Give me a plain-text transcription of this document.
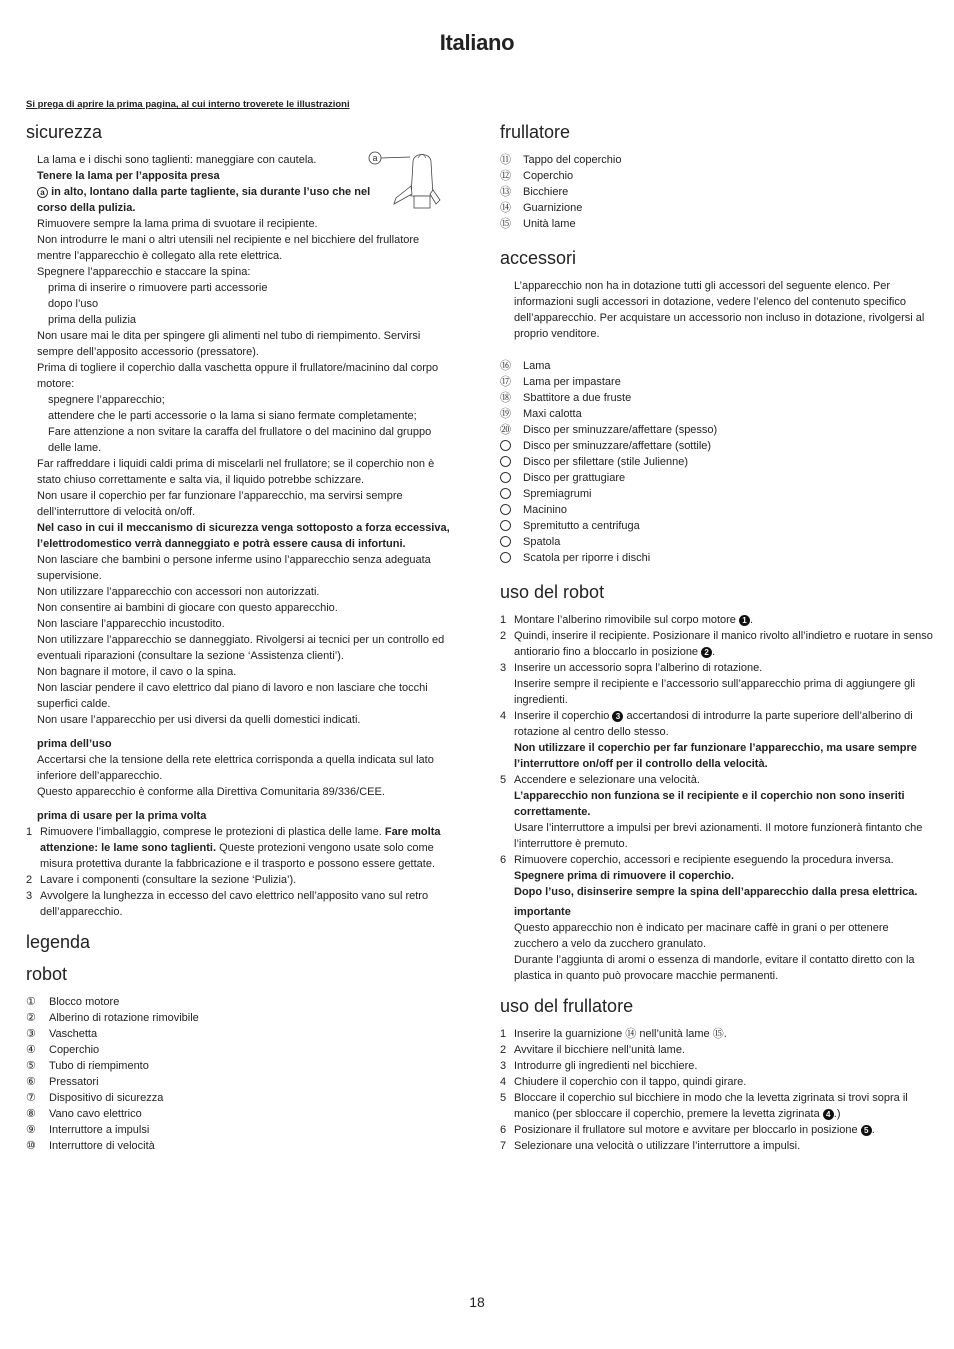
Italiano
Si prega di aprire la prima pagina, al cui interno troverete le illustrazioni
a
sicurezza
La lama e i dischi sono taglienti: maneggiare con cautela.
Tenere la lama per l’apposita presa
a in alto, lontano dalla parte tagliente, sia durante l’uso che nel corso della pulizia.
Rimuovere sempre la lama prima di svuotare il recipiente.
Non introdurre le mani o altri utensili nel recipiente e nel bicchiere del frullatore mentre l’apparecchio è collegato alla rete elettrica.
Spegnere l’apparecchio e staccare la spina:
prima di inserire o rimuovere parti accessorie
dopo l’uso
prima della pulizia
Non usare mai le dita per spingere gli alimenti nel tubo di riempimento. Servirsi sempre dell’apposito accessorio (pressatore).
Prima di togliere il coperchio dalla vaschetta oppure il frullatore/macinino dal corpo motore:
spegnere l’apparecchio;
attendere che le parti accessorie o la lama si siano fermate completamente;
Fare attenzione a non svitare la caraffa del frullatore o del macinino dal gruppo delle lame.
Far raffreddare i liquidi caldi prima di miscelarli nel frullatore; se il coperchio non è stato chiuso correttamente e salta via, il liquido potrebbe schizzare.
Non usare il coperchio per far funzionare l’apparecchio, ma servirsi sempre dell’interruttore di velocità on/off.
Nel caso in cui il meccanismo di sicurezza venga sottoposto a forza eccessiva, l’elettrodomestico verrà danneggiato e potrà essere causa di infortuni.
Non lasciare che bambini o persone inferme usino l’apparecchio senza adeguata supervisione.
Non utilizzare l’apparecchio con accessori non autorizzati.
Non consentire ai bambini di giocare con questo apparecchio.
Non lasciare l’apparecchio incustodito.
Non utilizzare l’apparecchio se danneggiato. Rivolgersi ai tecnici per un controllo ed eventuali riparazioni (consultare la sezione ‘Assistenza clienti’).
Non bagnare il motore, il cavo o la spina.
Non lasciar pendere il cavo elettrico dal piano di lavoro e non lasciare che tocchi superfici calde.
Non usare l’apparecchio per usi diversi da quelli domestici indicati.
prima dell’uso
Accertarsi che la tensione della rete elettrica corrisponda a quella indicata sul lato inferiore dell’apparecchio.
Questo apparecchio è conforme alla Direttiva Comunitaria 89/336/CEE.
prima di usare per la prima volta
1 Rimuovere l’imballaggio, comprese le protezioni di plastica delle lame. Fare molta attenzione: le lame sono taglienti. Queste protezioni vengono usate solo come misura protettiva durante la fabbricazione e il trasporto e possono essere gettate.
2 Lavare i componenti (consultare la sezione ‘Pulizia’).
3 Avvolgere la lunghezza in eccesso del cavo elettrico nell’apposito vano sul retro dell’apparecchio.
legenda
robot
① Blocco motore
② Alberino di rotazione rimovibile
③ Vaschetta
④ Coperchio
⑤ Tubo di riempimento
⑥ Pressatori
⑦ Dispositivo di sicurezza
⑧ Vano cavo elettrico
⑨ Interruttore a impulsi
⑩ Interruttore di velocità
frullatore
⑪ Tappo del coperchio
⑫ Coperchio
⑬ Bicchiere
⑭ Guarnizione
⑮ Unità lame
accessori
L’apparecchio non ha in dotazione tutti gli accessori del seguente elenco. Per informazioni sugli accessori in dotazione, vedere l’elenco del contenuto specifico dell’apparecchio. Per acquistare un accessorio non incluso in dotazione, rivolgersi al proprio venditore.
⑯ Lama
⑰ Lama per impastare
⑱ Sbattitore a due fruste
⑲ Maxi calotta
⑳ Disco per sminuzzare/affettare (spesso)
Disco per sminuzzare/affettare (sottile)
Disco per sfilettare (stile Julienne)
Disco per grattugiare
Spremiagrumi
Macinino
Spremitutto a centrifuga
Spatola
Scatola per riporre i dischi
uso del robot
1 Montare l’alberino rimovibile sul corpo motore 1 .
2 Quindi, inserire il recipiente. Posizionare il manico rivolto all’indietro e ruotare in senso antiorario fino a bloccarlo in posizione 2 .
3 Inserire un accessorio sopra l’alberino di rotazione.
Inserire sempre il recipiente e l’accessorio sull’apparecchio prima di aggiungere gli ingredienti.
4 Inserire il coperchio 3 accertandosi di introdurre la parte superiore dell’alberino di rotazione al centro dello stesso.
Non utilizzare il coperchio per far funzionare l’apparecchio, ma usare sempre l’interruttore on/off per il controllo della velocità.
5 Accendere e selezionare una velocità.
L’apparecchio non funziona se il recipiente e il coperchio non sono inseriti correttamente.
Usare l’interruttore a impulsi per brevi azionamenti. Il motore funzionerà fintanto che l’interruttore è premuto.
6 Rimuovere coperchio, accessori e recipiente eseguendo la procedura inversa.
Spegnere prima di rimuovere il coperchio.
Dopo l’uso, disinserire sempre la spina dell’apparecchio dalla presa elettrica.
importante
Questo apparecchio non è indicato per macinare caffè in grani o per ottenere zucchero a velo da zucchero granulato.
Durante l’aggiunta di aromi o essenza di mandorle, evitare il contatto diretto con la plastica in quanto può provocare macchie permanenti.
uso del frullatore
1 Inserire la guarnizione ⑭ nell’unità lame ⑮.
2 Avvitare il bicchiere nell’unità lame.
3 Introdurre gli ingredienti nel bicchiere.
4 Chiudere il coperchio con il tappo, quindi girare.
5 Bloccare il coperchio sul bicchiere in modo che la levetta zigrinata si trovi sopra il manico (per sbloccare il coperchio, premere la levetta zigrinata 4 .)
6 Posizionare il frullatore sul motore e avvitare per bloccarlo in posizione 5 .
7 Selezionare una velocità o utilizzare l’interruttore a impulsi.
18
